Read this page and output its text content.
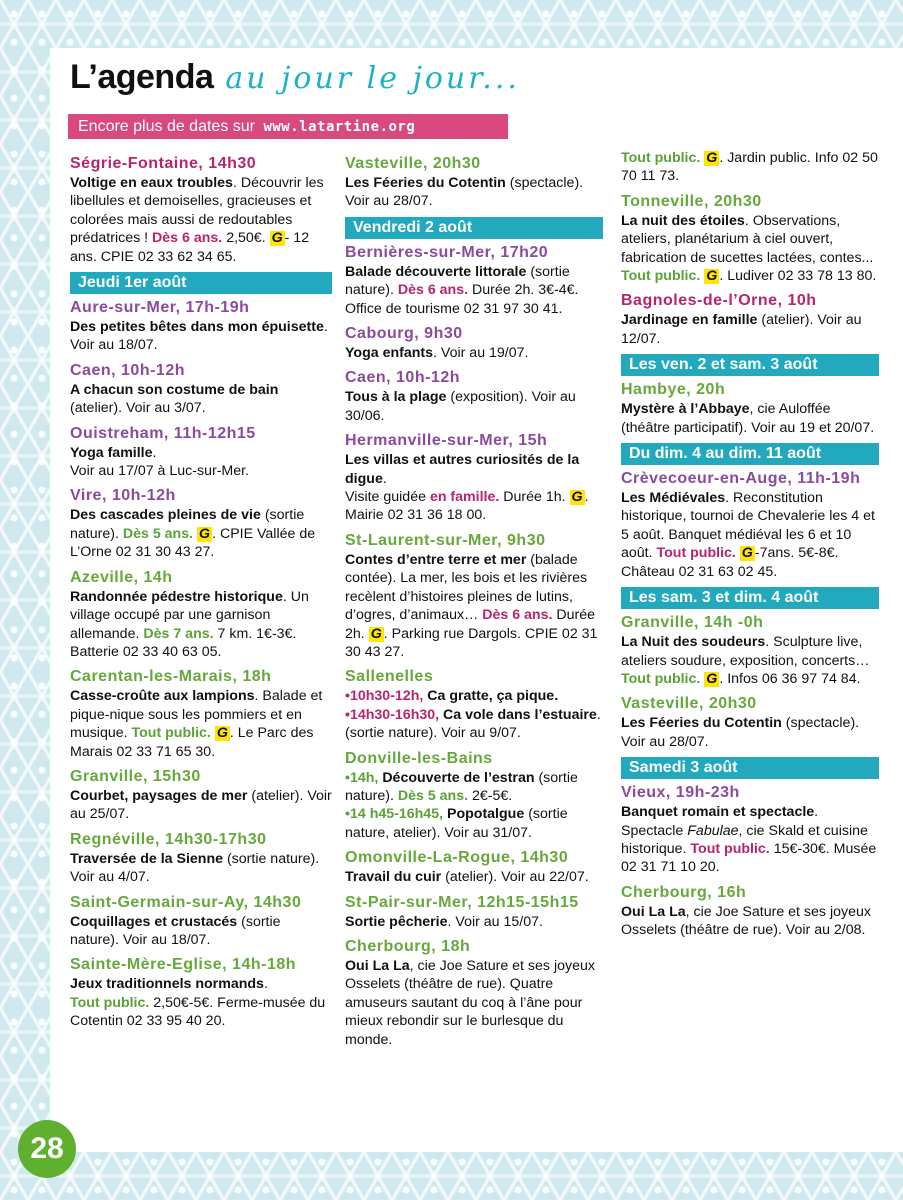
L’agenda au jour le jour...
Encore plus de dates sur www.latartine.org
Ségrie-Fontaine, 14h30
Voltige en eaux troubles. Découvrir les libellules et demoiselles, gracieuses et colorées mais aussi de redoutables prédatrices ! Dès 6 ans. 2,50€. G - 12 ans. CPIE 02 33 62 34 65.
Jeudi 1er août
Aure-sur-Mer, 17h-19h
Des petites bêtes dans mon épuisette. Voir au 18/07.
Caen, 10h-12h
A chacun son costume de bain (atelier). Voir au 3/07.
Ouistreham, 11h-12h15
Yoga famille.
Voir au 17/07 à Luc-sur-Mer.
Vire, 10h-12h
Des cascades pleines de vie (sortie nature). Dès 5 ans. G . CPIE Vallée de L’Orne 02 31 30 43 27.
Azeville, 14h
Randonnée pédestre historique. Un village occupé par une garnison allemande. Dès 7 ans. 7 km. 1€-3€. Batterie 02 33 40 63 05.
Carentan-les-Marais, 18h
Casse-croûte aux lampions. Balade et pique-nique sous les pommiers et en musique. Tout public. G . Le Parc des Marais 02 33 71 65 30.
Granville, 15h30
Courbet, paysages de mer (atelier). Voir au 25/07.
Regnéville, 14h30-17h30
Traversée de la Sienne (sortie nature). Voir au 4/07.
Saint-Germain-sur-Ay, 14h30
Coquillages et crustacés (sortie nature). Voir au 18/07.
Sainte-Mère-Eglise, 14h-18h
Jeux traditionnels normands.
Tout public. 2,50€-5€. Ferme-musée du Cotentin 02 33 95 40 20.
Vasteville, 20h30
Les Féeries du Cotentin (spectacle). Voir au 28/07.
Vendredi 2 août
Bernières-sur-Mer, 17h20
Balade découverte littorale (sortie nature). Dès 6 ans. Durée 2h. 3€-4€. Office de tourisme 02 31 97 30 41.
Cabourg, 9h30
Yoga enfants. Voir au 19/07.
Caen, 10h-12h
Tous à la plage (exposition). Voir au 30/06.
Hermanville-sur-Mer, 15h
Les villas et autres curiosités de la digue.
Visite guidée en famille. Durée 1h. G . Mairie 02 31 36 18 00.
St-Laurent-sur-Mer, 9h30
Contes d’entre terre et mer (balade contée). La mer, les bois et les rivières recèlent d’histoires pleines de lutins, d’ogres, d’animaux… Dès 6 ans. Durée 2h. G . Parking rue Dargols. CPIE 02 31 30 43 27.
Sallenelles
•10h30-12h, Ca gratte, ça pique.
•14h30-16h30, Ca vole dans l’estuaire.
(sortie nature). Voir au 9/07.
Donville-les-Bains
•14h, Découverte de l’estran (sortie nature). Dès 5 ans. 2€-5€.
•14 h45-16h45, Popotalgue (sortie nature, atelier). Voir au 31/07.
Omonville-La-Rogue, 14h30
Travail du cuir (atelier). Voir au 22/07.
St-Pair-sur-Mer, 12h15-15h15
Sortie pêcherie. Voir au 15/07.
Cherbourg, 18h
Oui La La, cie Joe Sature et ses joyeux Osselets (théâtre de rue). Quatre amuseurs sautant du coq à l’âne pour mieux rebondir sur le burlesque du monde.
Tout public. G . Jardin public. Info 02 50 70 11 73.
Tonneville, 20h30
La nuit des étoiles. Observations, ateliers, planétarium à ciel ouvert, fabrication de sucettes lactées, contes... Tout public. G . Ludiver 02 33 78 13 80.
Bagnoles-de-l’Orne, 10h
Jardinage en famille (atelier). Voir au 12/07.
Les ven. 2 et sam. 3 août
Hambye, 20h
Mystère à l’Abbaye, cie Auloffée (théâtre participatif). Voir au 19 et 20/07.
Du dim. 4 au dim. 11 août
Crèvecoeur-en-Auge, 11h-19h
Les Médiévales. Reconstitution historique, tournoi de Chevalerie les 4 et 5 août. Banquet médiéval les 6 et 10 août. Tout public. G -7ans. 5€-8€. Château 02 31 63 02 45.
Les sam. 3 et dim. 4 août
Granville, 14h -0h
La Nuit des soudeurs. Sculpture live, ateliers soudure, exposition, concerts… Tout public. G . Infos 06 36 97 74 84.
Vasteville, 20h30
Les Féeries du Cotentin (spectacle). Voir au 28/07.
Samedi 3 août
Vieux, 19h-23h
Banquet romain et spectacle. Spectacle Fabulae, cie Skald et cuisine historique. Tout public. 15€-30€. Musée 02 31 71 10 20.
Cherbourg, 16h
Oui La La, cie Joe Sature et ses joyeux Osselets (théâtre de rue). Voir au 2/08.
28
